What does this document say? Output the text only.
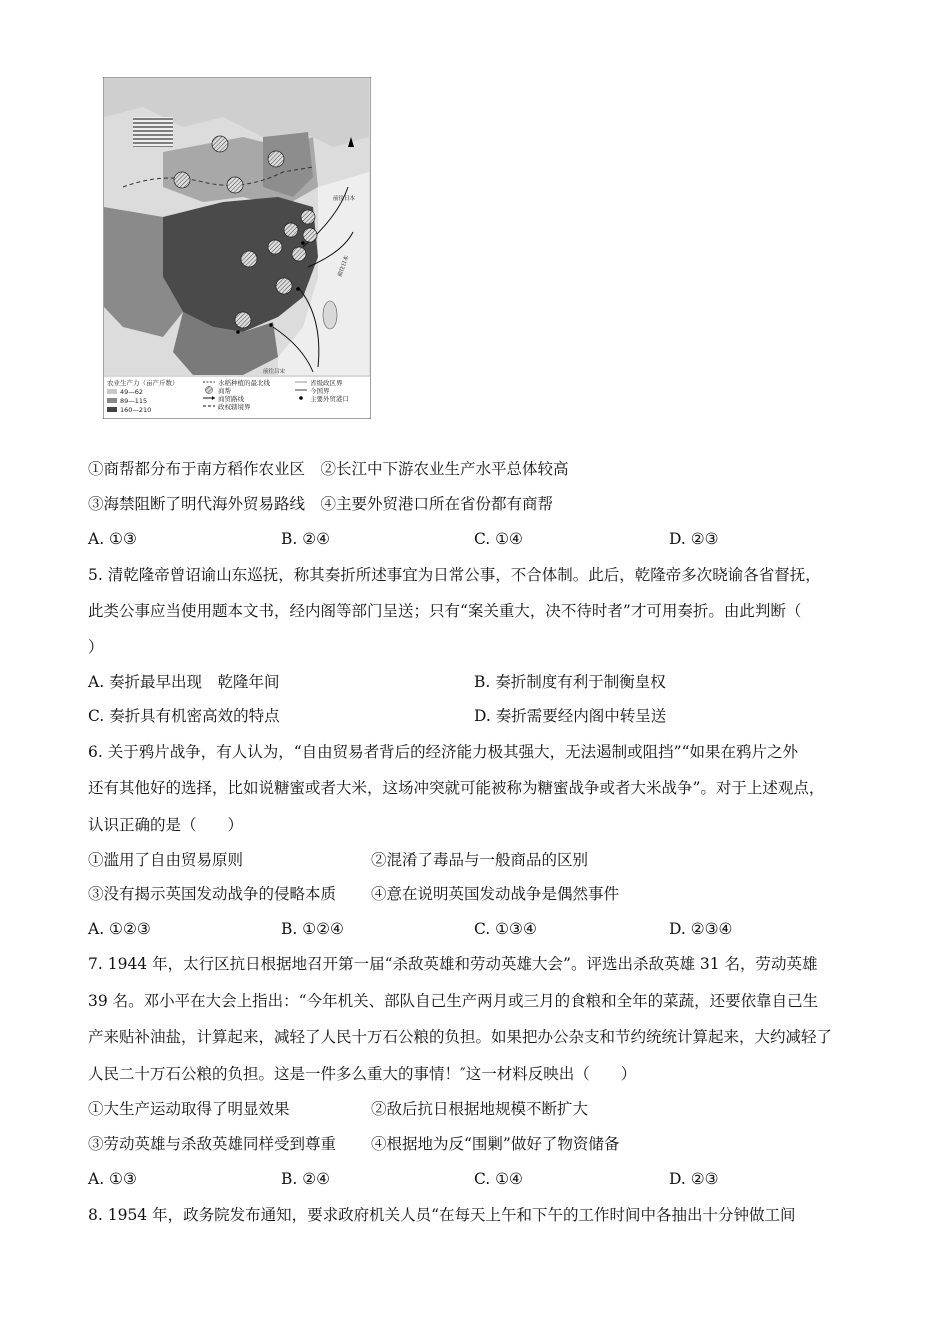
前往日本
前往日本
前往吕宋
农业生产力（亩产斤数）
49—62
89—115
160—210
水稻种植的最北线
商帮
商贸路线
政权辖境界
省级政区界
今国界
主要外贸港口
①商帮都分布于南方稻作农业区　②长江中下游农业生产水平总体较高
③海禁阻断了明代海外贸易路线　④主要外贸港口所在省份都有商帮
A. ①③	B. ②④	C. ①④	D. ②③
5. 清乾隆帝曾诏谕山东巡抚，称其奏折所述事宜为日常公事，不合体制。此后，乾隆帝多次晓谕各省督抚，
此类公事应当使用题本文书，经内阁等部门呈送；只有“案关重大，决不待时者”才可用奏折。由此判断（
）
A. 奏折最早出现　乾隆年间	B. 奏折制度有利于制衡皇权
C. 奏折具有机密高效的特点	D. 奏折需要经内阁中转呈送
6. 关于鸦片战争，有人认为，“自由贸易者背后的经济能力极其强大，无法遏制或阻挡”“如果在鸦片之外
还有其他好的选择，比如说糖蜜或者大米，这场冲突就可能被称为糖蜜战争或者大米战争”。对于上述观点，
认识正确的是（　　）
①滥用了自由贸易原则	②混淆了毒品与一般商品的区别
③没有揭示英国发动战争的侵略本质 ④意在说明英国发动战争是偶然事件
A. ①②③	B. ①②④	C. ①③④	D. ②③④
7. 1944 年，太行区抗日根据地召开第一届“杀敌英雄和劳动英雄大会”。评选出杀敌英雄 31 名，劳动英雄
39 名。邓小平在大会上指出：“今年机关、部队自己生产两月或三月的食粮和全年的菜蔬，还要依靠自己生
产来贴补油盐，计算起来，减轻了人民十万石公粮的负担。如果把办公杂支和节约统统计算起来，大约减轻了
人民二十万石公粮的负担。这是一件多么重大的事情！″这一材料反映出（　　）
①大生产运动取得了明显效果	②敌后抗日根据地规模不断扩大
③劳动英雄与杀敌英雄同样受到尊重 ④根据地为反“围剿”做好了物资储备
A. ①③	B. ②④	C. ①④	D. ②③
8. 1954 年，政务院发布通知，要求政府机关人员“在每天上午和下午的工作时间中各抽出十分钟做工间
